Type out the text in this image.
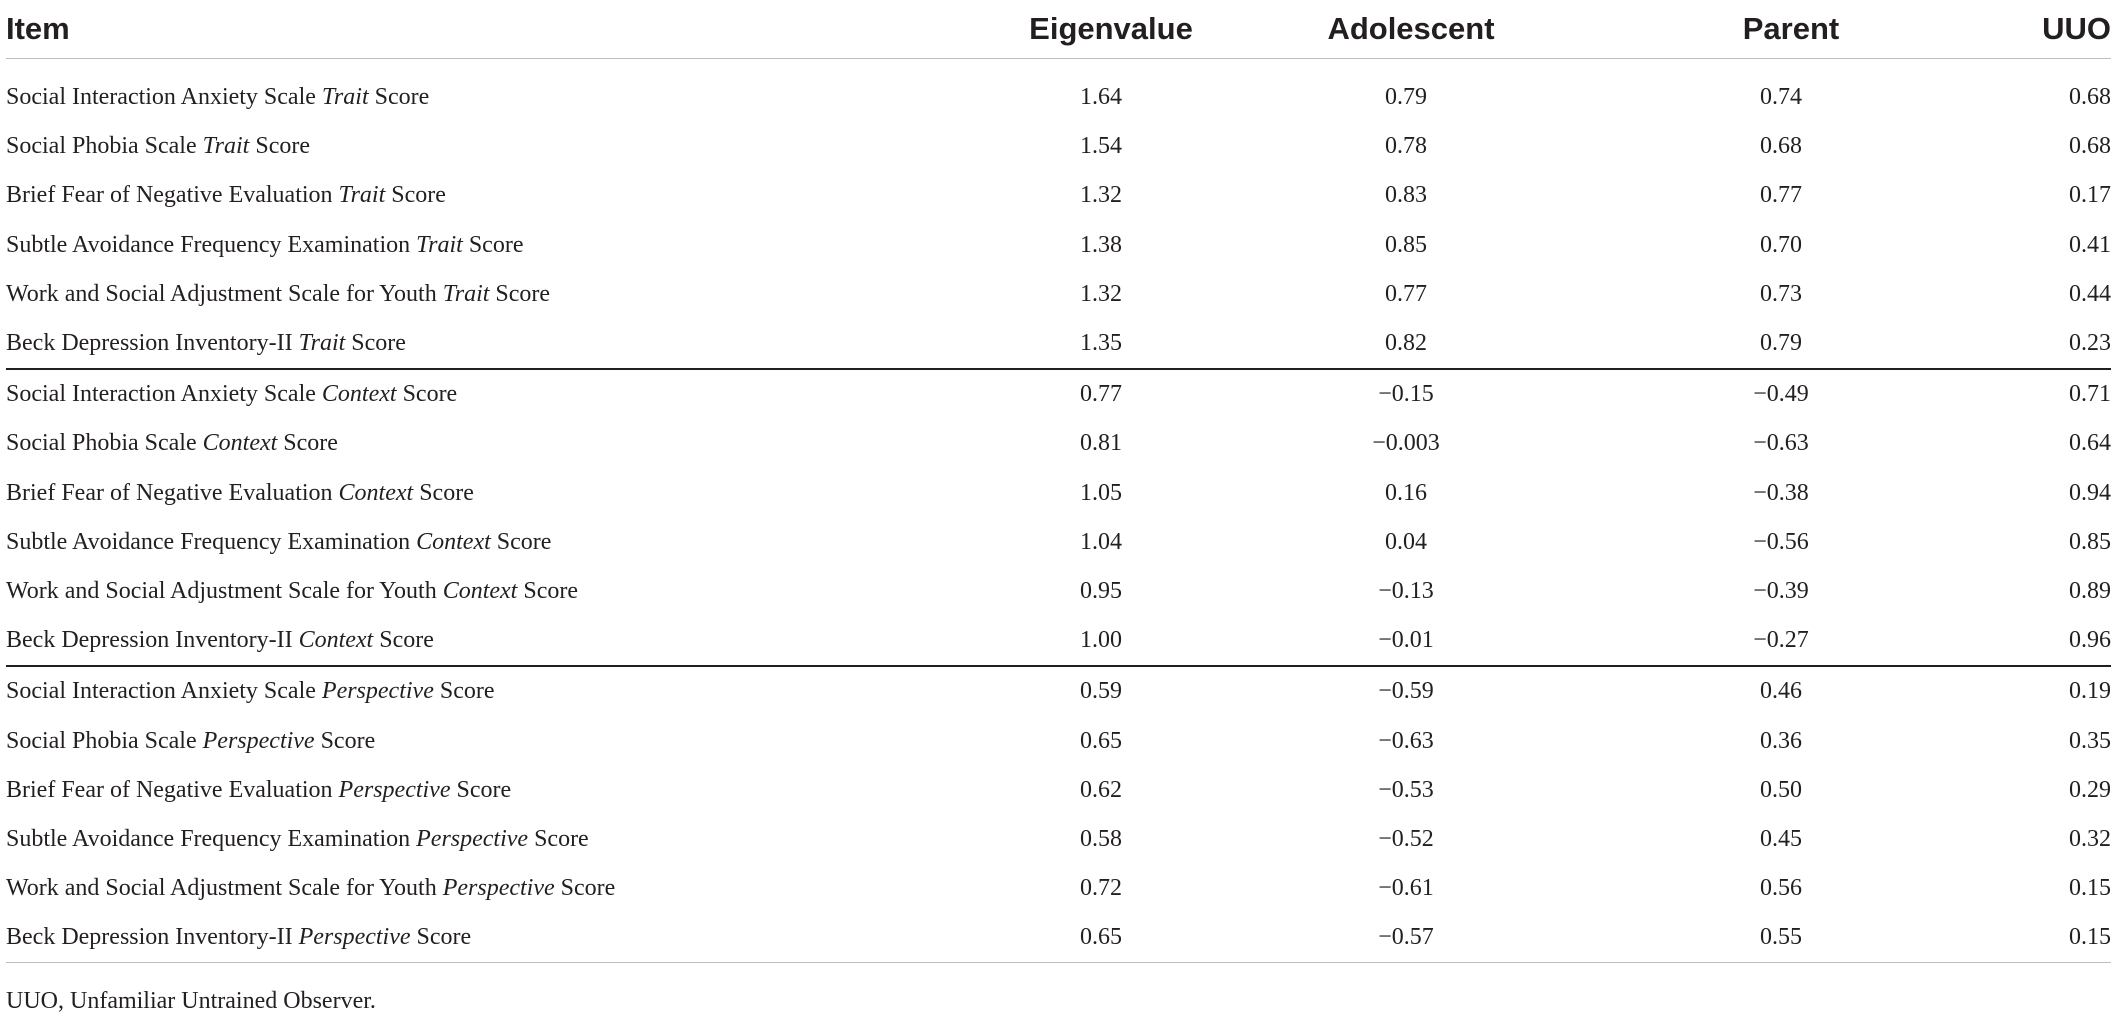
Item	Eigenvalue	Adolescent	Parent	UUO
Social Interaction Anxiety Scale Trait Score	1.64	0.79	0.74	0.68
Social Phobia Scale Trait Score	1.54	0.78	0.68	0.68
Brief Fear of Negative Evaluation Trait Score	1.32	0.83	0.77	0.17
Subtle Avoidance Frequency Examination Trait Score	1.38	0.85	0.70	0.41
Work and Social Adjustment Scale for Youth Trait Score	1.32	0.77	0.73	0.44
Beck Depression Inventory-II Trait Score	1.35	0.82	0.79	0.23
Social Interaction Anxiety Scale Context Score	0.77	−0.15	−0.49	0.71
Social Phobia Scale Context Score	0.81	−0.003	−0.63	0.64
Brief Fear of Negative Evaluation Context Score	1.05	0.16	−0.38	0.94
Subtle Avoidance Frequency Examination Context Score	1.04	0.04	−0.56	0.85
Work and Social Adjustment Scale for Youth Context Score	0.95	−0.13	−0.39	0.89
Beck Depression Inventory-II Context Score	1.00	−0.01	−0.27	0.96
Social Interaction Anxiety Scale Perspective Score	0.59	−0.59	0.46	0.19
Social Phobia Scale Perspective Score	0.65	−0.63	0.36	0.35
Brief Fear of Negative Evaluation Perspective Score	0.62	−0.53	0.50	0.29
Subtle Avoidance Frequency Examination Perspective Score	0.58	−0.52	0.45	0.32
Work and Social Adjustment Scale for Youth Perspective Score	0.72	−0.61	0.56	0.15
Beck Depression Inventory-II Perspective Score	0.65	−0.57	0.55	0.15
UUO, Unfamiliar Untrained Observer.
